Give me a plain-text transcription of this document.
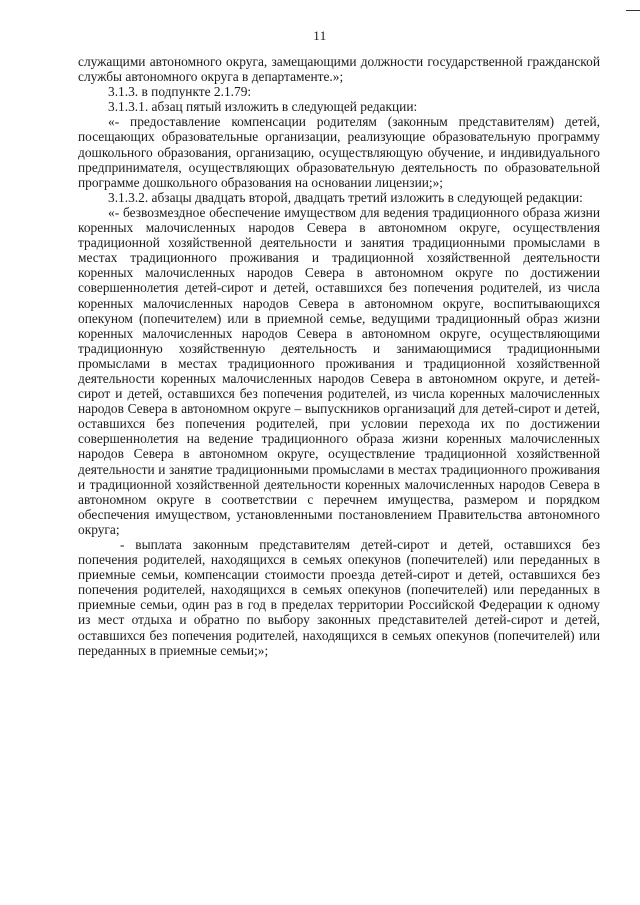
11

служащими автономного округа, замещающими должности государственной гражданской службы автономного округа в департаменте.»;

3.1.3. в подпункте 2.1.79:

3.1.3.1. абзац пятый изложить в следующей редакции:

«- предоставление компенсации родителям (законным представителям) детей, посещающих образовательные организации, реализующие образовательную программу дошкольного образования, организацию, осуществляющую обучение, и индивидуального предпринимателя, осуществляющих образовательную деятельность по образовательной программе дошкольного образования на основании лицензии;»;

3.1.3.2. абзацы двадцать второй, двадцать третий изложить в следующей редакции:

«- безвозмездное обеспечение имуществом для ведения традиционного образа жизни коренных малочисленных народов Севера в автономном округе, осуществления традиционной хозяйственной деятельности и занятия традиционными промыслами в местах традиционного проживания и традиционной хозяйственной деятельности коренных малочисленных народов Севера в автономном округе по достижении совершеннолетия детей-сирот и детей, оставшихся без попечения родителей, из числа коренных малочисленных народов Севера в автономном округе, воспитывающихся опекуном (попечителем) или в приемной семье, ведущими традиционный образ жизни коренных малочисленных народов Севера в автономном округе, осуществляющими традиционную хозяйственную деятельность и занимающимися традиционными промыслами в местах традиционного проживания и традиционной хозяйственной деятельности коренных малочисленных народов Севера в автономном округе, и детей-сирот и детей, оставшихся без попечения родителей, из числа коренных малочисленных народов Севера в автономном округе – выпускников организаций для детей-сирот и детей, оставшихся без попечения родителей, при условии перехода их по достижении совершеннолетия на ведение традиционного образа жизни коренных малочисленных народов Севера в автономном округе, осуществление традиционной хозяйственной деятельности и занятие традиционными промыслами в местах традиционного проживания и традиционной хозяйственной деятельности коренных малочисленных народов Севера в автономном округе в соответствии с перечнем имущества, размером и порядком обеспечения имуществом, установленными постановлением Правительства автономного округа;

- выплата законным представителям детей-сирот и детей, оставшихся без попечения родителей, находящихся в семьях опекунов (попечителей) или переданных в приемные семьи, компенсации стоимости проезда детей-сирот и детей, оставшихся без попечения родителей, находящихся в семьях опекунов (попечителей) или переданных в приемные семьи, один раз в год в пределах территории Российской Федерации к одному из мест отдыха и обратно по выбору законных представителей детей-сирот и детей, оставшихся без попечения родителей, находящихся в семьях опекунов (попечителей) или переданных в приемные семьи;»;
